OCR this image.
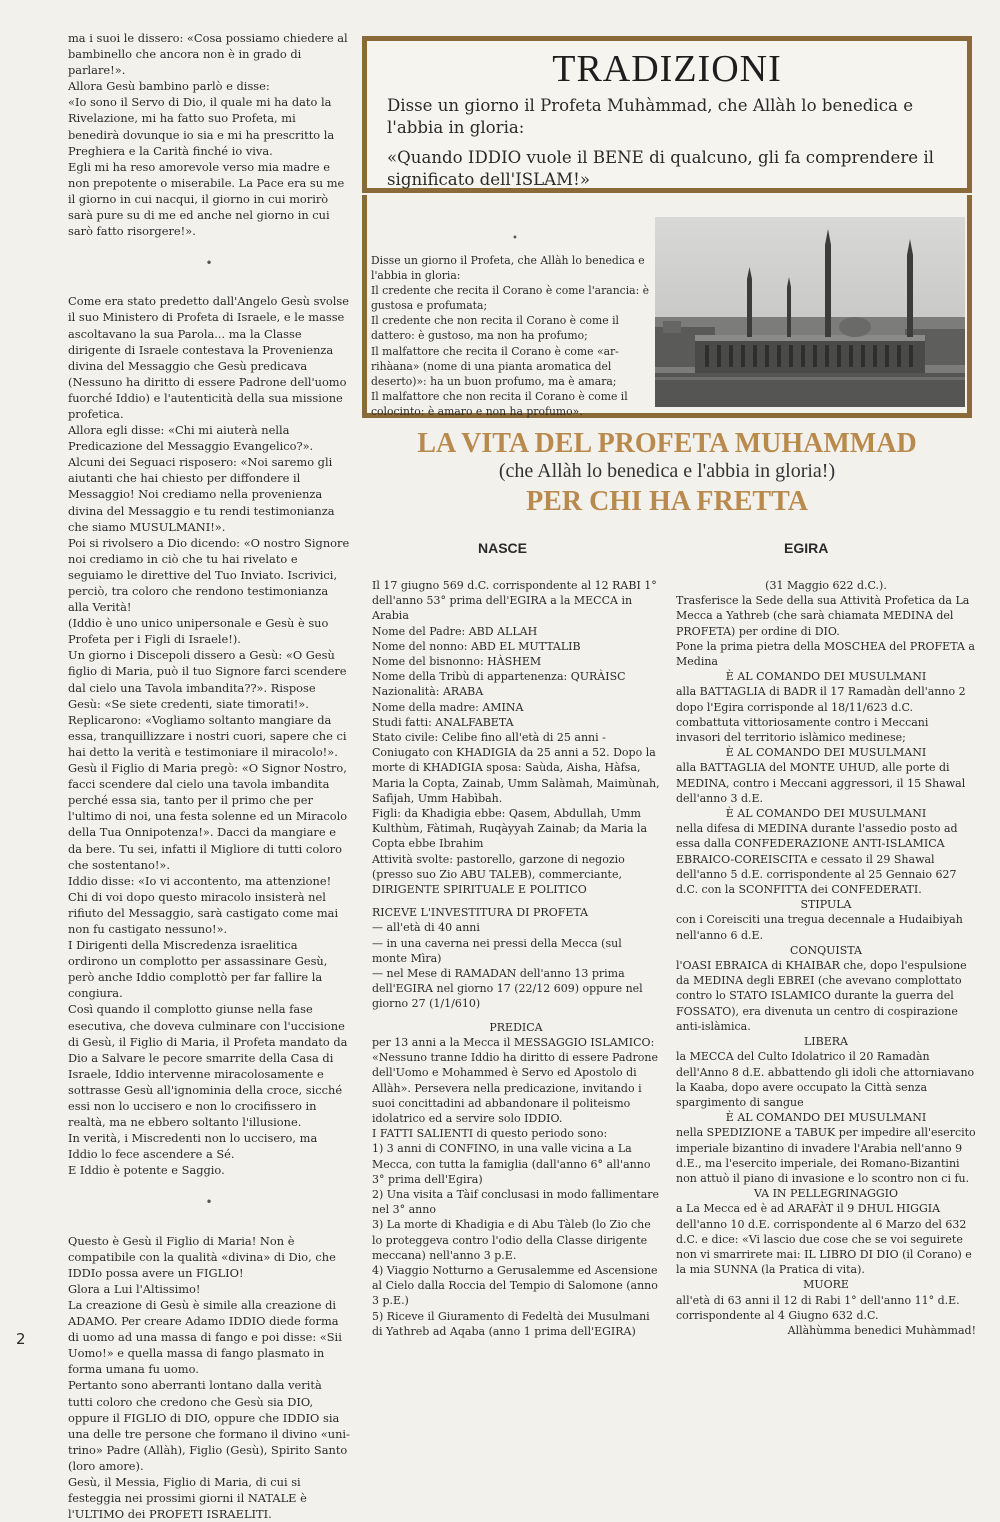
ma i suoi le dissero: «Cosa possiamo chiedere al bambinello che ancora non è in grado di parlare!».
Allora Gesù bambino parlò e disse:
«Io sono il Servo di Dio, il quale mi ha dato la Rivelazione, mi ha fatto suo Profeta, mi benedirà dovunque io sia e mi ha prescritto la Preghiera e la Carità finché io viva.
Egli mi ha reso amorevole verso mia madre e non prepotente o miserabile. La Pace era su me il giorno in cui nacqui, il giorno in cui morirò sarà pure su di me ed anche nel giorno in cui sarò fatto risorgere!».

•

Come era stato predetto dall'Angelo Gesù svolse il suo Ministero di Profeta di Israele, e le masse ascoltavano la sua Parola... ma la Classe dirigente di Israele contestava la Provenienza divina del Messaggio che Gesù predicava (Nessuno ha diritto di essere Padrone dell'uomo fuorché Iddio) e l'autenticità della sua missione profetica.
Allora egli disse: «Chi mi aiuterà nella Predicazione del Messaggio Evangelico?».
Alcuni dei Seguaci risposero: «Noi saremo gli aiutanti che hai chiesto per diffondere il Messaggio! Noi crediamo nella provenienza divina del Messaggio e tu rendi testimonianza che siamo MUSULMANI!».
Poi si rivolsero a Dio dicendo: «O nostro Signore noi crediamo in ciò che tu hai rivelato e seguiamo le direttive del Tuo Inviato. Iscrivici, perciò, tra coloro che rendono testimonianza alla Verità!
(Iddio è uno unico unipersonale e Gesù è suo Profeta per i Figli di Israele!).
Un giorno i Discepoli dissero a Gesù: «O Gesù figlio di Maria, può il tuo Signore farci scendere dal cielo una Tavola imbandita??». Rispose Gesù: «Se siete credenti, siate timorati!». Replicarono: «Vogliamo soltanto mangiare da essa, tranquillizzare i nostri cuori, sapere che ci hai detto la verità e testimoniare il miracolo!».
Gesù il Figlio di Maria pregò: «O Signor Nostro, facci scendere dal cielo una tavola imbandita perché essa sia, tanto per il primo che per l'ultimo di noi, una festa solenne ed un Miracolo della Tua Onnipotenza!». Dacci da mangiare e da bere. Tu sei, infatti il Migliore di tutti coloro che sostentano!».
Iddio disse: «Io vi accontento, ma attenzione! Chi di voi dopo questo miracolo insisterà nel rifiuto del Messaggio, sarà castigato come mai non fu castigato nessuno!».
I Dirigenti della Miscredenza israelitica ordirono un complotto per assassinare Gesù, però anche Iddio complottò per far fallire la congiura.
Così quando il complotto giunse nella fase esecutiva, che doveva culminare con l'uccisione di Gesù, il Figlio di Maria, il Profeta mandato da Dio a Salvare le pecorе smarrite della Casa di Israele, Iddio intervenne miracolosamente e sottrasse Gesù all'ignominia della croce, sicché essi non lo uccisero e non lo crocifissero in realtà, ma ne ebbero soltanto l'illusione.
In verità, i Miscredenti non lo uccisero, ma Iddio lo fece ascendere a Sé.
E Iddio è potente e Saggio.

•

Questo è Gesù il Figlio di Maria! Non è compatibile con la qualità «divina» di Dio, che IDDIo possa avere un FIGLIO!
Glora a Lui l'Altissimo!
La creazione di Gesù è simile alla creazione di ADAMO. Per creare Adamo IDDIO diede forma di uomo ad una massa di fango e poi disse: «Sii Uomo!» e quella massa di fango plasmato in forma umana fu uomo.
Pertanto sono aberranti lontano dalla verità tutti coloro che credono che Gesù sia DIO, oppure il FIGLIO di DIO, oppure che IDDIO sia una delle tre persone che formano il divino «uni-trino» Padre (Allàh), Figlio (Gesù), Spirito Santo (loro amore).
Gesù, il Messia, Figlio di Maria, di cui si festeggia nei prossimi giorni il NATALE è l'ULTIMO dei PROFETI ISRAELITI.

2
TRADIZIONI

Disse un giorno il Profeta Muhàmmad, che Allàh lo benedica e l'abbia in gloria:

«Quando IDDIO vuole il BENE di qualcuno, gli fa comprendere il significato dell'ISLAM!»

•

Disse un giorno il Profeta, che Allàh lo benedica e l'abbia in gloria:
Il credente che recita il Corano è come l'arancia: è gustosa e profumata;
Il credente che non recita il Corano è come il dattero: è gustoso, ma non ha profumo;
Il malfattore che recita il Corano è come «ar-rihàana» (nome di una pianta aromatica del deserto)»: ha un buon profumo, ma è amara;
Il malfattore che non recita il Corano è come il colocinto: è amaro e non ha profumo».

LA VITA DEL PROFETA MUHAMMAD
(che Allàh lo benedica e l'abbia in gloria!)
PER CHI HA FRETTA
NASCE	EGIRA

Il 17 giugno 569 d.C. corrispondente al 12 RABI 1° dell'anno 53° prima dell'EGIRA a la MECCA in Arabia
Nome del Padre: ABD ALLAH
Nome del nonno: ABD EL MUTTALIB
Nome del bisnonno: HÀSHEM
Nome della Tribù di appartenenza: QURÀISC
Nazionalità: ARABA
Nome della madre: AMINA
Studi fatti: ANALFABETA
Stato civile: Celibe fino all'età di 25 anni - Coniugato con KHADIGIA da 25 anni a 52. Dopo la morte di KHADIGIA sposa: Saùda, Aisha, Hàfsa, Maria la Copta, Zainab, Umm Salàmah, Maimùnah, Safìjah, Umm Habìbah.
Figli: da Khadigia ebbe: Qasem, Abdullah, Umm Kulthùm, Fàtimah, Ruqàyyah Zainab; da Maria la Copta ebbe Ibrahim
Attività svolte: pastorello, garzone di negozio (presso suo Zio ABU TALEB), commerciante, DIRIGENTE SPIRITUALE E POLITICO

RICEVE L'INVESTITURA DI PROFETA
— all'età di 40 anni
— in una caverna nei pressi della Mecca (sul monte Mìra)
— nel Mese di RAMADAN dell'anno 13 prima dell'EGIRA nel giorno 17 (22/12 609) oppure nel giorno 27 (1/1/610)

PREDICA

per 13 anni a la Mecca il MESSAGGIO ISLAMICO: «Nessuno tranne Iddio ha diritto di essere Padrone dell'Uomo e Mohammed è Servo ed Apostolo di Allàh». Persevera nella predicazione, invitando i suoi concittadini ad abbandonare il politeismo idolatrico ed a servire solo IDDIO.
I FATTI SALIENTI di questo periodo sono:
1) 3 anni di CONFINO, in una valle vicina a La Mecca, con tutta la famiglia (dall'anno 6° all'anno 3° prima dell'Egira)
2) Una visita a Tàif conclusasi in modo fallimentare nel 3° anno
3) La morte di Khadigia e di Abu Tàleb (lo Zio che lo proteggeva contro l'odio della Classe dirigente meccana) nell'anno 3 p.E.
4) Viaggio Notturno a Gerusalemme ed Ascensione al Cielo dalla Roccia del Tempio di Salomone (anno 3 p.E.)
5) Riceve il Giuramento di Fedeltà dei Musulmani di Yathreb ad Aqaba (anno 1 prima dell'EGIRA)

(31 Maggio 622 d.C.).

Trasferisce la Sede della sua Attività Profetica da La Mecca a Yathreb (che sarà chiamata MEDINA del PROFETA) per ordine di DIO.
Pone la prima pietra della MOSCHEA del PROFETA a Medina

È AL COMANDO DEI MUSULMANI

alla BATTAGLIA di BADR il 17 Ramadàn dell'anno 2 dopo l'Egira corrisponde al 18/11/623 d.C. combattuta vittoriosamente contro i Meccani invasori del territorio islàmico medinese;

È AL COMANDO DEI MUSULMANI

alla BATTAGLIA del MONTE UHUD, alle porte di MEDINA, contro i Meccani aggressori, il 15 Shawal dell'anno 3 d.E.

È AL COMANDO DEI MUSULMANI

nella difesa di MEDINA durante l'assedio posto ad essa dalla CONFEDERAZIONE ANTI-ISLAMICA EBRAICO-COREISCITA e cessato il 29 Shawal dell'anno 5 d.E. corrispondente al 25 Gennaio 627 d.C. con la SCONFITTA dei CONFEDERATI.

STIPULA

con i Coreisciti una tregua decennale a Hudaibiyah nell'anno 6 d.E.

CONQUISTA

l'OASI EBRAICA di KHAIBAR che, dopo l'espulsione da MEDINA degli EBREI (che avevano complottato contro lo STATO ISLAMICO durante la guerra del FOSSATO), era divenuta un centro di cospirazione anti-islàmica.

LIBERA

la MECCA del Culto Idolatrico il 20 Ramadàn dell'Anno 8 d.E. abbattendo gli idoli che attorniavano la Kaaba, dopo avere occupato la Città senza spargimento di sangue

È AL COMANDO DEI MUSULMANI

nella SPEDIZIONE a TABUK per impedire all'esercito imperiale bizantino di invadere l'Arabia nell'anno 9 d.E., ma l'esercito imperiale, dei Romano-Bizantini non attuò il piano di invasione e lo scontro non ci fu.

VA IN PELLEGRINAGGIO

a La Mecca ed è ad ARAFÀT il 9 DHUL HIGGIA dell'anno 10 d.E. corrispondente al 6 Marzo del 632 d.C. e dice: «Vi lascio due cose che se voi seguirete non vi smarrirete mai: IL LIBRO DI DIO (il Corano) e la mia SUNNA (la Pratica di vita).

MUORE

all'età di 63 anni il 12 di Rabi 1° dell'anno 11° d.E. corrispondente al 4 Giugno 632 d.C.

Allàhùmma benedici Muhàmmad!
